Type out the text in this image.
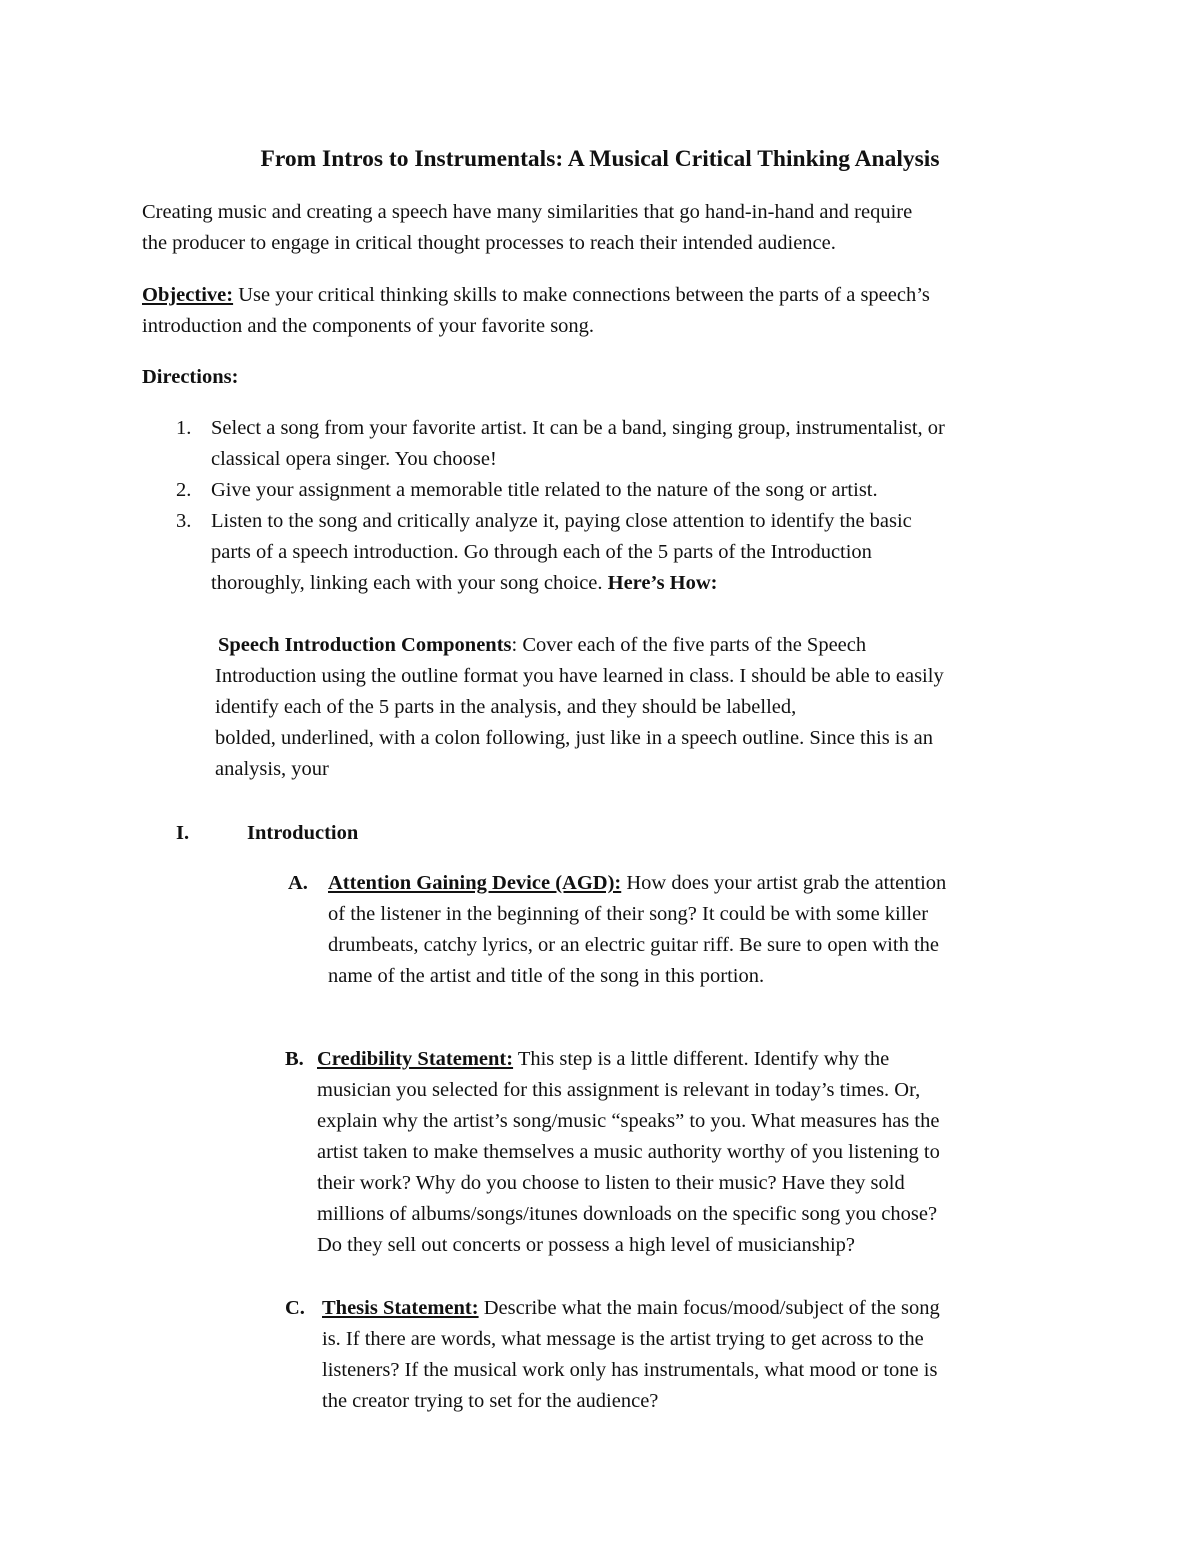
From Intros to Instrumentals: A Musical Critical Thinking Analysis
Creating music and creating a speech have many similarities that go hand-in-hand and require
the producer to engage in critical thought processes to reach their intended audience.
Objective: Use your critical thinking skills to make connections between the parts of a speech’s
introduction and the components of your favorite song.
Directions:
1. Select a song from your favorite artist. It can be a band, singing group, instrumentalist, or
classical opera singer. You choose!
2. Give your assignment a memorable title related to the nature of the song or artist.
3. Listen to the song and critically analyze it, paying close attention to identify the basic
parts of a speech introduction. Go through each of the 5 parts of the Introduction
thoroughly, linking each with your song choice. Here’s How:
Speech Introduction Components: Cover each of the five parts of the Speech
Introduction using the outline format you have learned in class. I should be able to easily
identify each of the 5 parts in the analysis, and they should be labelled,
bolded, underlined, with a colon following, just like in a speech outline. Since this is an
analysis, your
I.	Introduction
A. Attention Gaining Device (AGD): How does your artist grab the attention
of the listener in the beginning of their song? It could be with some killer
drumbeats, catchy lyrics, or an electric guitar riff. Be sure to open with the
name of the artist and title of the song in this portion.
B. Credibility Statement: This step is a little different. Identify why the
musician you selected for this assignment is relevant in today’s times. Or,
explain why the artist’s song/music “speaks” to you. What measures has the
artist taken to make themselves a music authority worthy of you listening to
their work? Why do you choose to listen to their music? Have they sold
millions of albums/songs/itunes downloads on the specific song you chose?
Do they sell out concerts or possess a high level of musicianship?
C. Thesis Statement: Describe what the main focus/mood/subject of the song
is. If there are words, what message is the artist trying to get across to the
listeners? If the musical work only has instrumentals, what mood or tone is
the creator trying to set for the audience?
